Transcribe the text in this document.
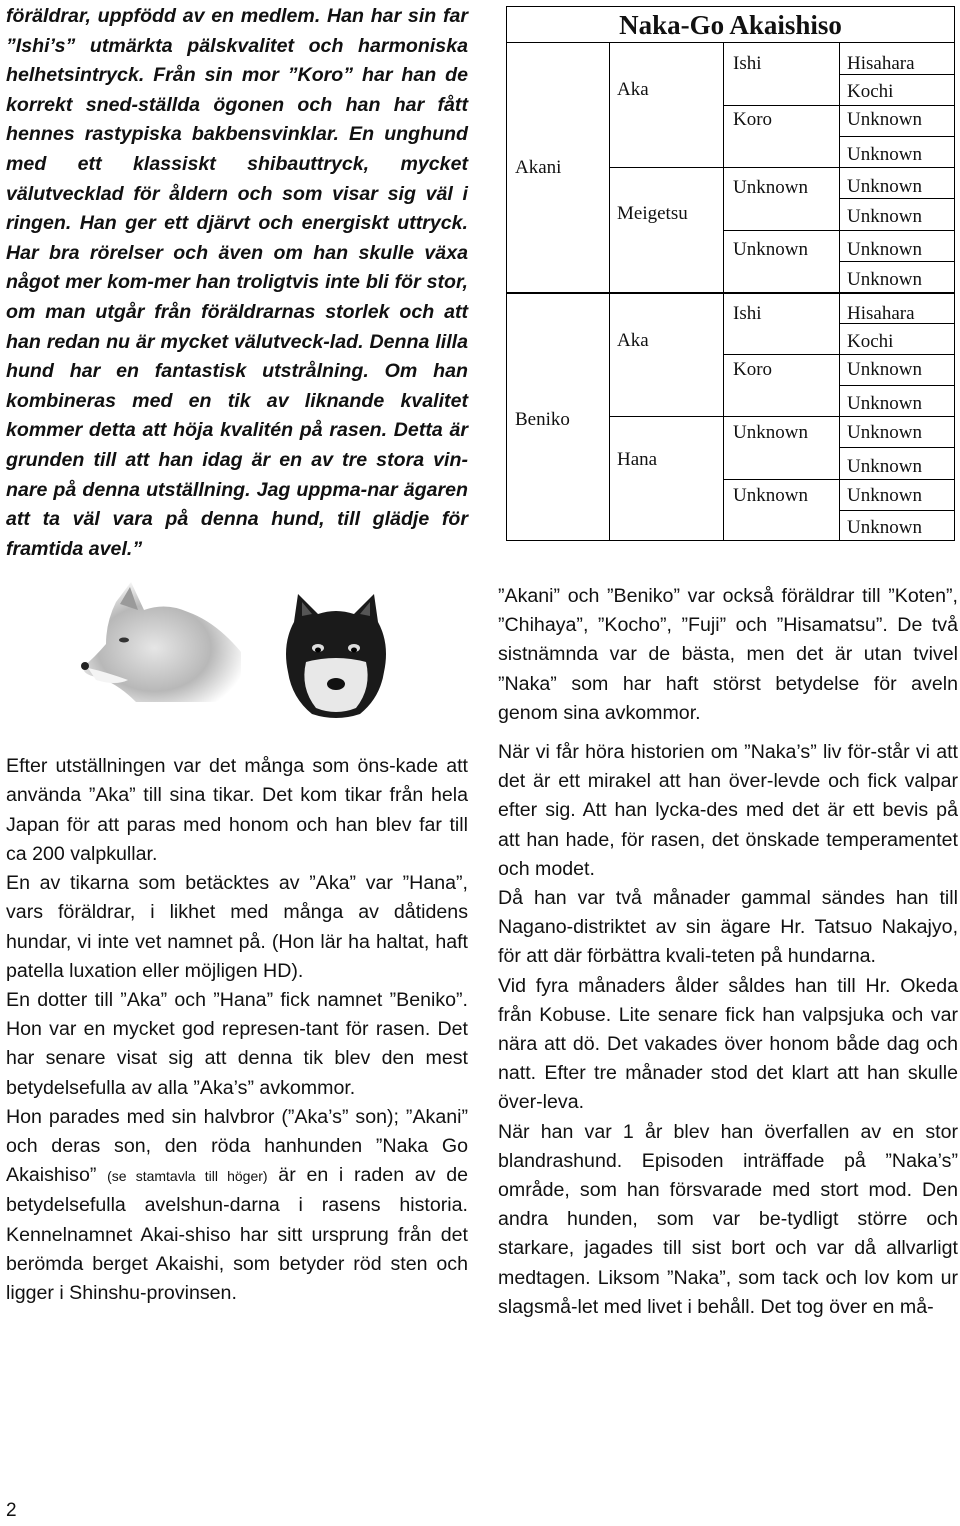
föräldrar, uppfödd av en medlem. Han har sin far ”Ishi’s” utmärkta pälskvalitet och harmoniska helhetsintryck. Från sin mor ”Koro” har han de korrekt sned-ställda ögonen och han har fått hennes rastypiska bakbensvinklar. En unghund med ett klassiskt shibauttryck, mycket välutvecklad för åldern och som visar sig väl i ringen. Han ger ett djärvt och energiskt uttryck. Har bra rörelser och även om han skulle växa något mer kom-mer han troligtvis inte bli för stor, om man utgår från föräldrarnas storlek och att han redan nu är mycket välutveck-lad. Denna lilla hund har en fantastisk utstrålning. Om han kombineras med en tik av liknande kvalitet kommer detta att höja kvalitén på rasen. Detta är grunden till att han idag är en av tre stora vin-nare på denna utställning. Jag uppma-nar ägaren att ta väl vara på denna hund, till glädje för framtida avel.”

Efter utställningen var det många som öns-kade att använda ”Aka” till sina tikar. Det kom tikar från hela Japan för att paras med honom och han blev far till ca 200 valpkullar.

En av tikarna som betäcktes av ”Aka” var ”Hana”, vars föräldrar, i likhet med många av dåtidens hundar, vi inte vet namnet på. (Hon lär ha haltat, haft patella luxation eller möjligen HD).

En dotter till ”Aka” och ”Hana” fick namnet ”Beniko”. Hon var en mycket god represen-tant för rasen. Det har senare visat sig att denna tik blev den mest betydelsefulla av alla ”Aka’s” avkommor.

Hon parades med sin halvbror (”Aka’s” son); ”Akani” och deras son, den röda hanhunden ”Naka Go Akaishiso” (se stamtavla till höger) är en i raden av de betydelsefulla avelshun-darna i rasens historia. Kennelnamnet Akai-shiso har sitt ursprung från det berömda berget Akaishi, som betyder röd sten och ligger i Shinshu-provinsen.

Naka-Go Akaishiso
Akani
Beniko
Aka
Meigetsu
Aka
Hana
Ishi
Koro
Unknown
Unknown
Ishi
Koro
Unknown
Unknown
Hisahara
Kochi
Unknown
Unknown
Unknown
Unknown
Unknown
Unknown
Hisahara
Kochi
Unknown
Unknown
Unknown
Unknown
Unknown
Unknown

”Akani” och ”Beniko” var också föräldrar till ”Koten”, ”Chihaya”, ”Kocho”, ”Fuji” och ”Hisamatsu”. De två sistnämnda var de bästa, men det är utan tvivel ”Naka” som har haft störst betydelse för aveln genom sina avkommor.

När vi får höra historien om ”Naka’s” liv för-står vi att det är ett mirakel att han över-levde och fick valpar efter sig. Att han lycka-des med det är ett bevis på att han hade, för rasen, det önskade temperamentet och modet.

Då han var två månader gammal sändes han till Nagano-distriktet av sin ägare Hr. Tatsuo Nakajyo, för att där förbättra kvali-teten på hundarna.

Vid fyra månaders ålder såldes han till Hr. Okeda från Kobuse. Lite senare fick han valpsjuka och var nära att dö. Det vakades över honom både dag och natt. Efter tre månader stod det klart att han skulle över-leva.

När han var 1 år blev han överfallen av en stor blandrashund. Episoden inträffade på ”Naka’s” område, som han försvarade med stort mod. Den andra hunden, som var be-tydligt större och starkare, jagades till sist bort och var då allvarligt medtagen. Liksom ”Naka”, som tack och lov kom ur slagsmå-let med livet i behåll. Det tog över en må-

2
